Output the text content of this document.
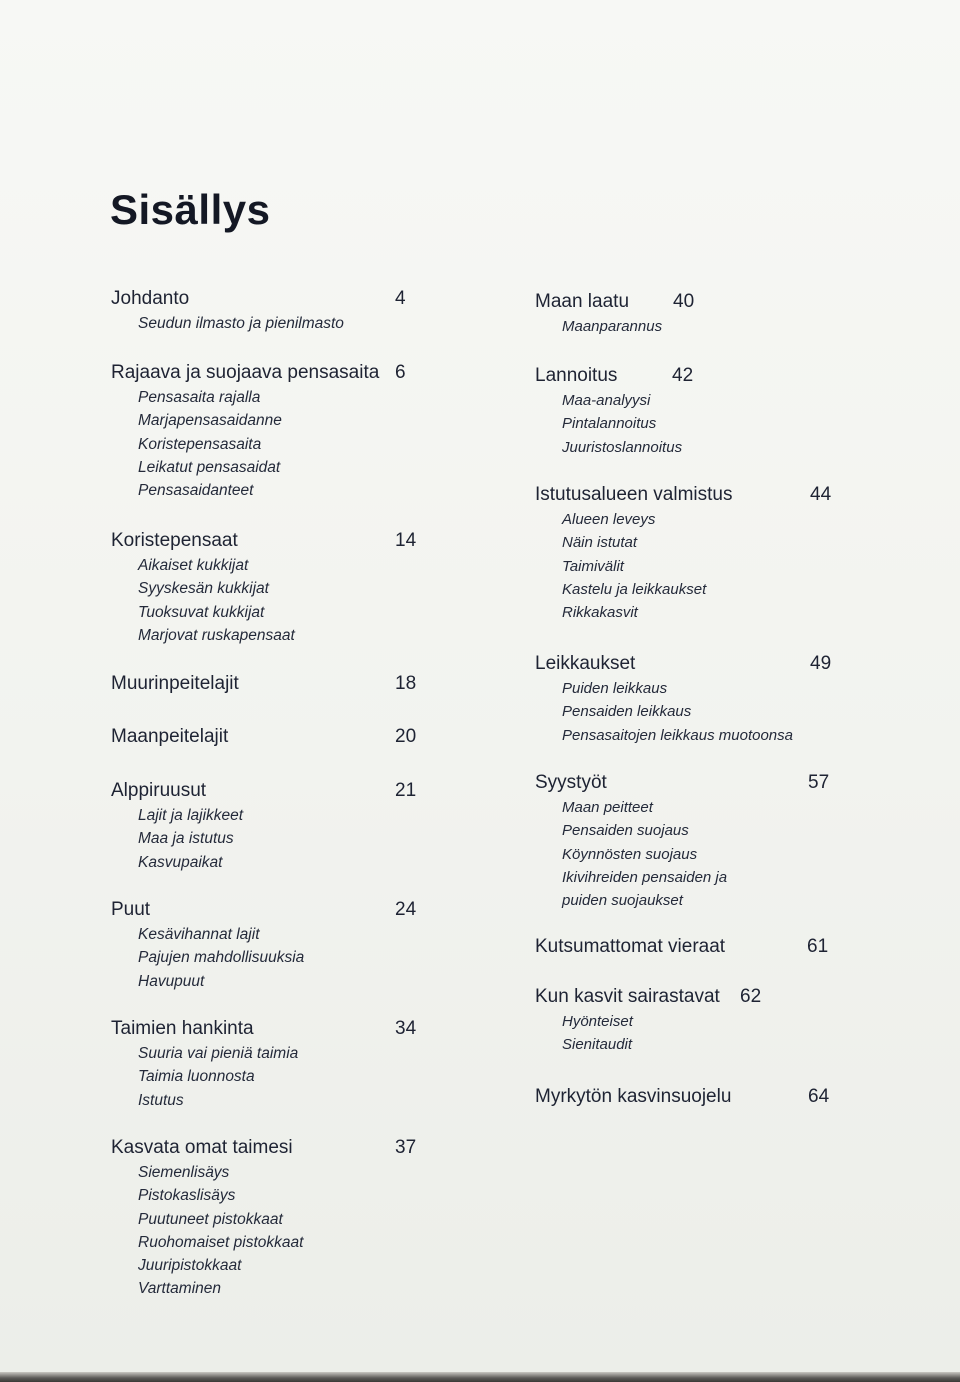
Sisällys
Johdanto	4
Seudun ilmasto ja pienilmasto
Rajaava ja suojaava pensasaita 6
Pensasaita rajalla
Marjapensasaidanne
Koristepensasaita
Leikatut pensasaidat
Pensasaidanteet
Koristepensaat	14
Aikaiset kukkijat
Syyskesän kukkijat
Tuoksuvat kukkijat
Marjovat ruskapensaat
Muurinpeitelajit	18
Maanpeitelajit	20
Alppiruusut	21
Lajit ja lajikkeet
Maa ja istutus
Kasvupaikat
Puut	24
Kesävihannat lajit
Pajujen mahdollisuuksia
Havupuut
Taimien hankinta	34
Suuria vai pieniä taimia
Taimia luonnosta
Istutus
Kasvata omat taimesi	37
Siemenlisäys
Pistokaslisäys
Puutuneet pistokkaat
Ruohomaiset pistokkaat
Juuripistokkaat
Varttaminen
Maan laatu 40
Maanparannus
Lannoitus	42
Maa-analyysi
Pintalannoitus
Juuristoslannoitus
Istutusalueen valmistus	44
Alueen leveys
Näin istutat
Taimivälit
Kastelu ja leikkaukset
Rikkakasvit
Leikkaukset	49
Puiden leikkaus
Pensaiden leikkaus
Pensasaitojen leikkaus muotoonsa
Syystyöt	57
Maan peitteet
Pensaiden suojaus
Köynnösten suojaus
Ikivihreiden pensaiden ja
puiden suojaukset
Kutsumattomat vieraat	61
Kun kasvit sairastavat 62
Hyönteiset
Sienitaudit
Myrkytön kasvinsuojelu	64
